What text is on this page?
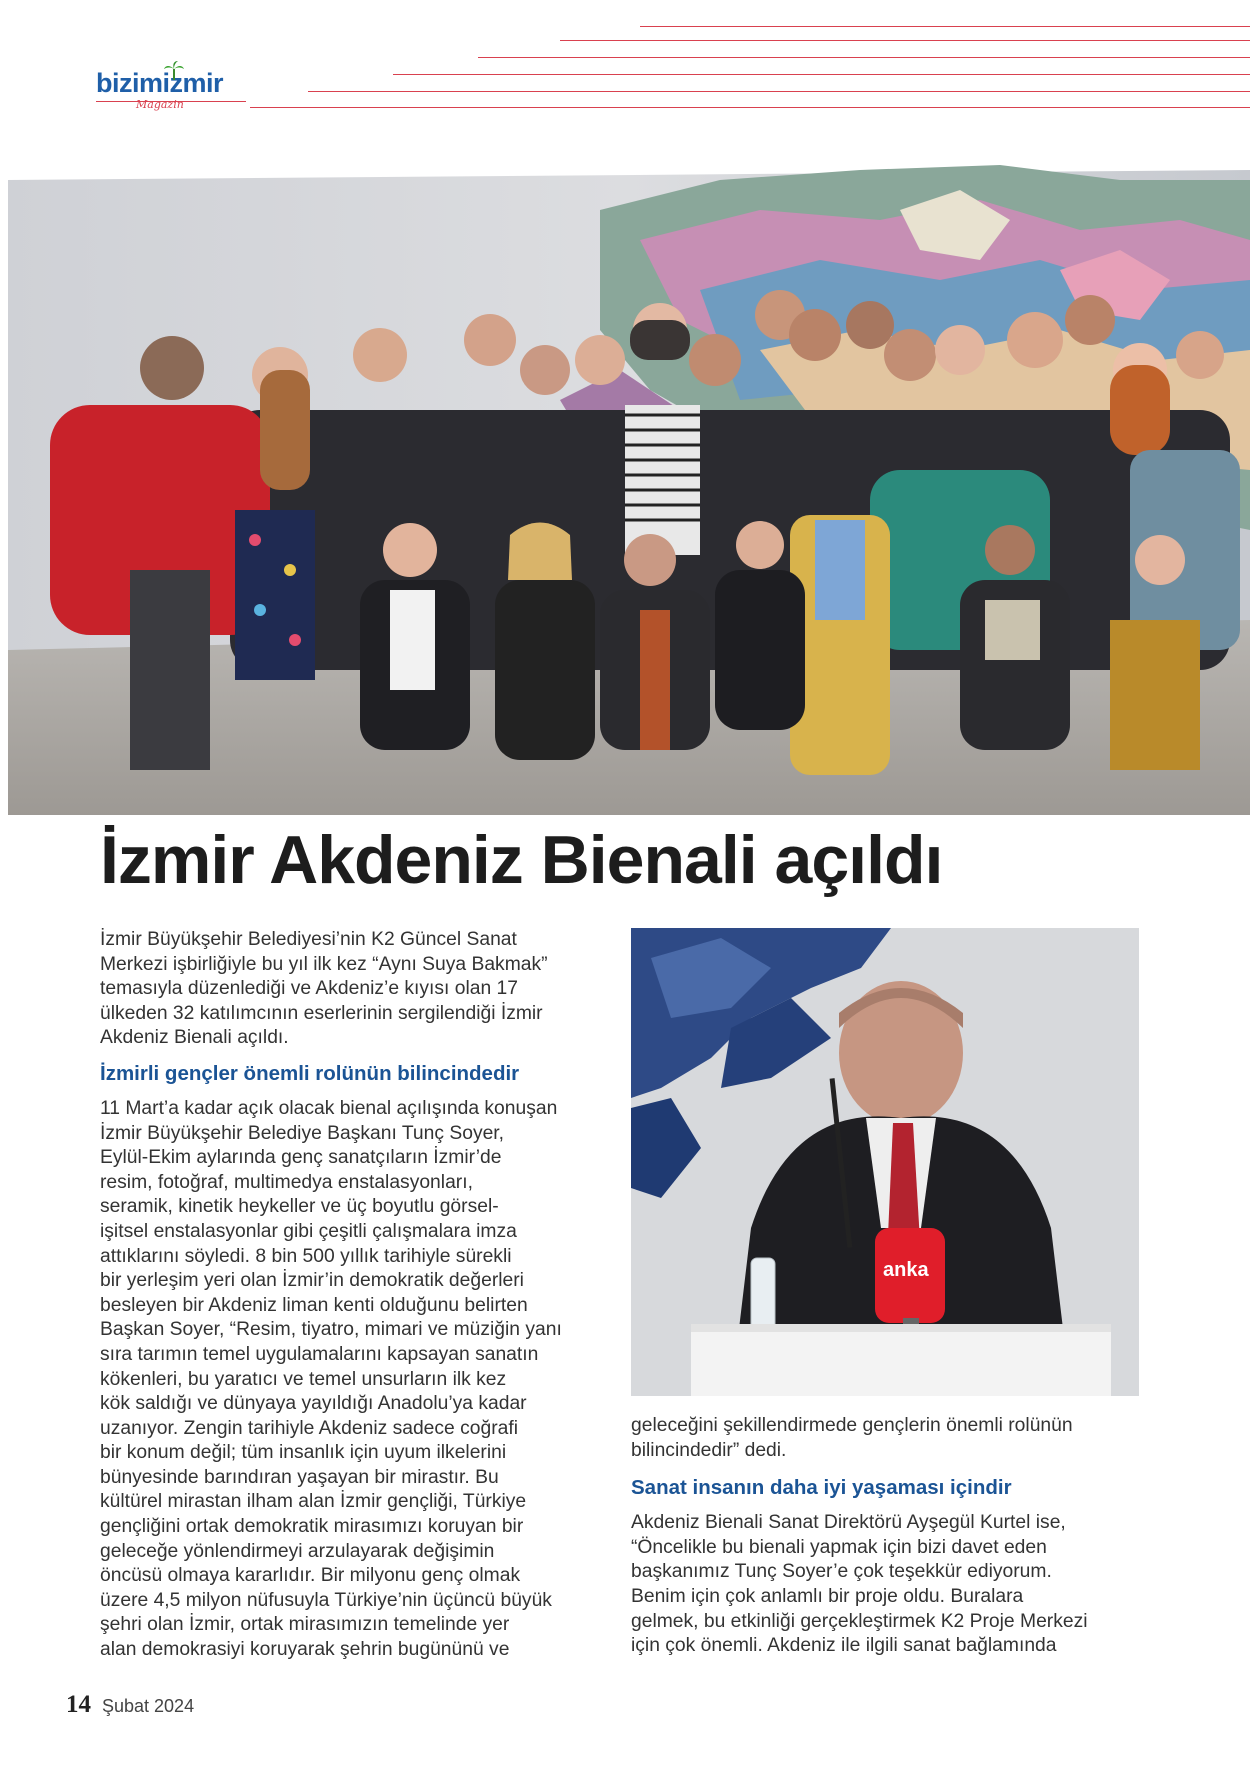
bizimizmir
Magazin
İzmir Akdeniz Bienali açıldı

İzmir Büyükşehir Belediyesi’nin K2 Güncel Sanat

Merkezi işbirliğiyle bu yıl ilk kez “Aynı Suya Bakmak”

temasıyla düzenlediği ve Akdeniz’e kıyısı olan 17

ülkeden 32 katılımcının eserlerinin sergilendiği İzmir

Akdeniz Bienali açıldı.

İzmirli gençler önemli rolünün bilincindedir

11 Mart’a kadar açık olacak bienal açılışında konuşan

İzmir Büyükşehir Belediye Başkanı Tunç Soyer,

Eylül-Ekim aylarında genç sanatçıların İzmir’de

resim, fotoğraf, multimedya enstalasyonları,

seramik, kinetik heykeller ve üç boyutlu görsel-

işitsel enstalasyonlar gibi çeşitli çalışmalara imza

attıklarını söyledi. 8 bin 500 yıllık tarihiyle sürekli

bir yerleşim yeri olan İzmir’in demokratik değerleri

besleyen bir Akdeniz liman kenti olduğunu belirten

Başkan Soyer, “Resim, tiyatro, mimari ve müziğin yanı

sıra tarımın temel uygulamalarını kapsayan sanatın

kökenleri, bu yaratıcı ve temel unsurların ilk kez

kök saldığı ve dünyaya yayıldığı Anadolu’ya kadar

uzanıyor. Zengin tarihiyle Akdeniz sadece coğrafi

bir konum değil; tüm insanlık için uyum ilkelerini

bünyesinde barındıran yaşayan bir mirastır. Bu

kültürel mirastan ilham alan İzmir gençliği, Türkiye

gençliğini ortak demokratik mirasımızı koruyan bir

geleceğe yönlendirmeyi arzulayarak değişimin

öncüsü olmaya kararlıdır. Bir milyonu genç olmak

üzere 4,5 milyon nüfusuyla Türkiye’nin üçüncü büyük

şehri olan İzmir, ortak mirasımızın temelinde yer

alan demokrasiyi koruyarak şehrin bugününü ve

anka

geleceğini şekillendirmede gençlerin önemli rolünün

bilincindedir” dedi.

Sanat insanın daha iyi yaşaması içindir

Akdeniz Bienali Sanat Direktörü Ayşegül Kurtel ise,

“Öncelikle bu bienali yapmak için bizi davet eden

başkanımız Tunç Soyer’e çok teşekkür ediyorum.

Benim için çok anlamlı bir proje oldu. Buralara

gelmek, bu etkinliği gerçekleştirmek K2 Proje Merkezi

için çok önemli. Akdeniz ile ilgili sanat bağlamında

14 Şubat 2024
